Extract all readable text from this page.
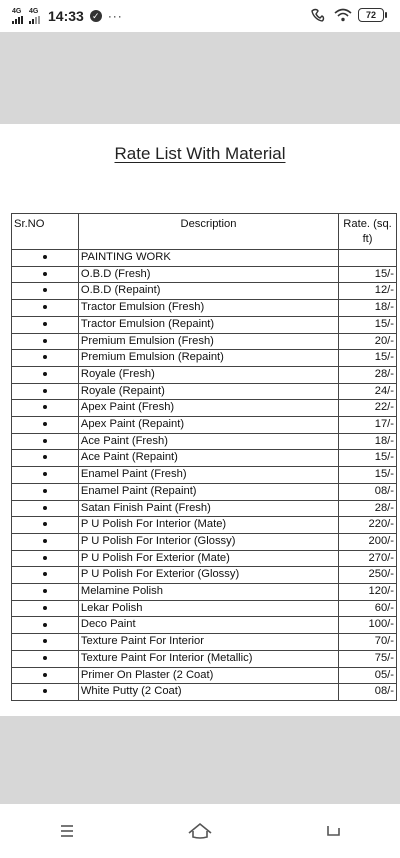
4G 4G 14:33 ✓ ···	72
Rate List With Material
Sr.NO	Description	Rate. (sq. ft)
	PAINTING WORK	
	O.B.D (Fresh)	15/-
	O.B.D (Repaint)	12/-
	Tractor Emulsion (Fresh)	18/-
	Tractor Emulsion (Repaint)	15/-
	Premium Emulsion (Fresh)	20/-
	Premium Emulsion (Repaint)	15/-
	Royale (Fresh)	28/-
	Royale (Repaint)	24/-
	Apex Paint (Fresh)	22/-
	Apex Paint (Repaint)	17/-
	Ace Paint (Fresh)	18/-
	Ace Paint (Repaint)	15/-
	Enamel Paint (Fresh)	15/-
	Enamel Paint (Repaint)	08/-
	Satan Finish Paint (Fresh)	28/-
	P U Polish For Interior (Mate)	220/-
	P U Polish For Interior (Glossy)	200/-
	P U Polish For Exterior (Mate)	270/-
	P U Polish For Exterior (Glossy)	250/-
	Melamine Polish	120/-
	Lekar Polish	60/-
	Deco Paint	100/-
	Texture Paint For Interior	70/-
	Texture Paint For Interior (Metallic)	75/-
	Primer On Plaster (2 Coat)	05/-
	White Putty (2 Coat)	08/-
